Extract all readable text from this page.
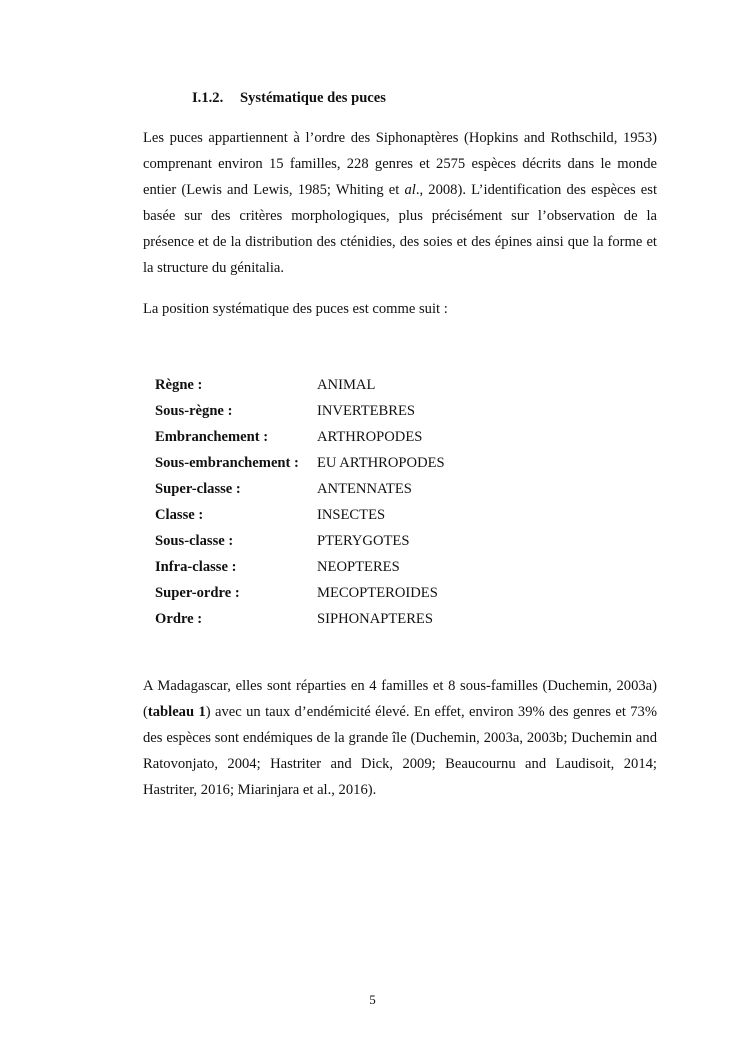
I.1.2. Systématique des puces

Les puces appartiennent à l’ordre des Siphonaptères (Hopkins and Rothschild, 1953) comprenant environ 15 familles, 228 genres et 2575 espèces décrits dans le monde entier (Lewis and Lewis, 1985; Whiting et al., 2008). L’identification des espèces est basée sur des critères morphologiques, plus précisément sur l’observation de la présence et de la distribution des cténidies, des soies et des épines ainsi que la forme et la structure du génitalia.

La position systématique des puces est comme suit :

Règne :	ANIMAL
Sous-règne :	INVERTEBRES
Embranchement :	ARTHROPODES
Sous-embranchement : EU ARTHROPODES
Super-classe :	ANTENNATES
Classe :	INSECTES
Sous-classe :	PTERYGOTES
Infra-classe :	NEOPTERES
Super-ordre :	MECOPTEROIDES
Ordre :	SIPHONAPTERES

A Madagascar, elles sont réparties en 4 familles et 8 sous-familles (Duchemin, 2003a) (tableau 1) avec un taux d’endémicité élevé. En effet, environ 39% des genres et 73% des espèces sont endémiques de la grande île (Duchemin, 2003a, 2003b; Duchemin and Ratovonjato, 2004; Hastriter and Dick, 2009; Beaucournu and Laudisoit, 2014; Hastriter, 2016; Miarinjara et al., 2016).

5
